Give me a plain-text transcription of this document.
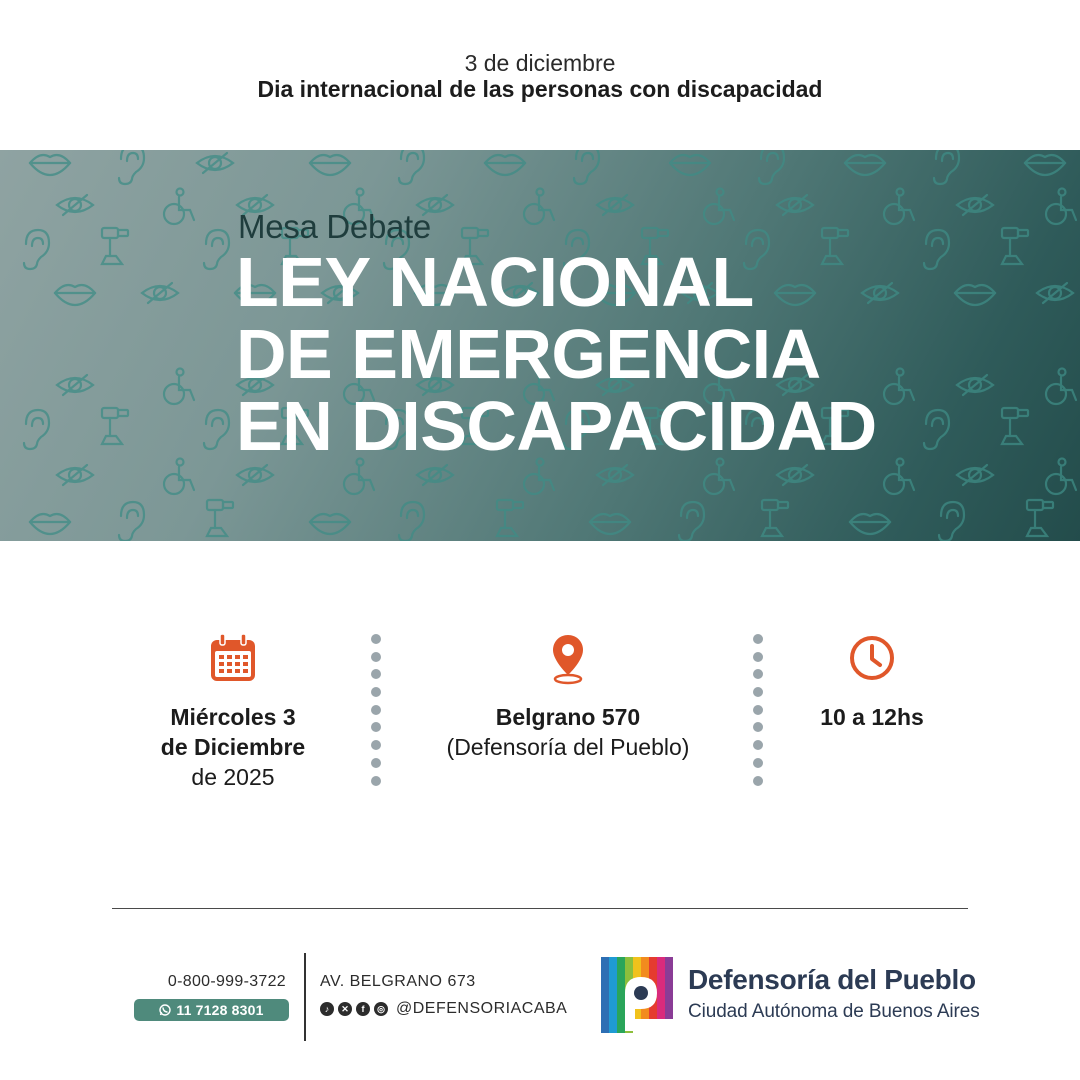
3 de diciembre
Dia internacional de las personas con discapacidad
Mesa Debate
LEY NACIONAL
DE EMERGENCIA
EN DISCAPACIDAD
Miércoles 3
de Diciembre
de 2025
Belgrano 570
(Defensoría del Pueblo)
10 a 12hs
0-800-999-3722
11 7128 8301
AV. BELGRANO 673
♪	✕	f	◎ @DEFENSORIACABA
Defensoría del Pueblo
Ciudad Autónoma de Buenos Aires
